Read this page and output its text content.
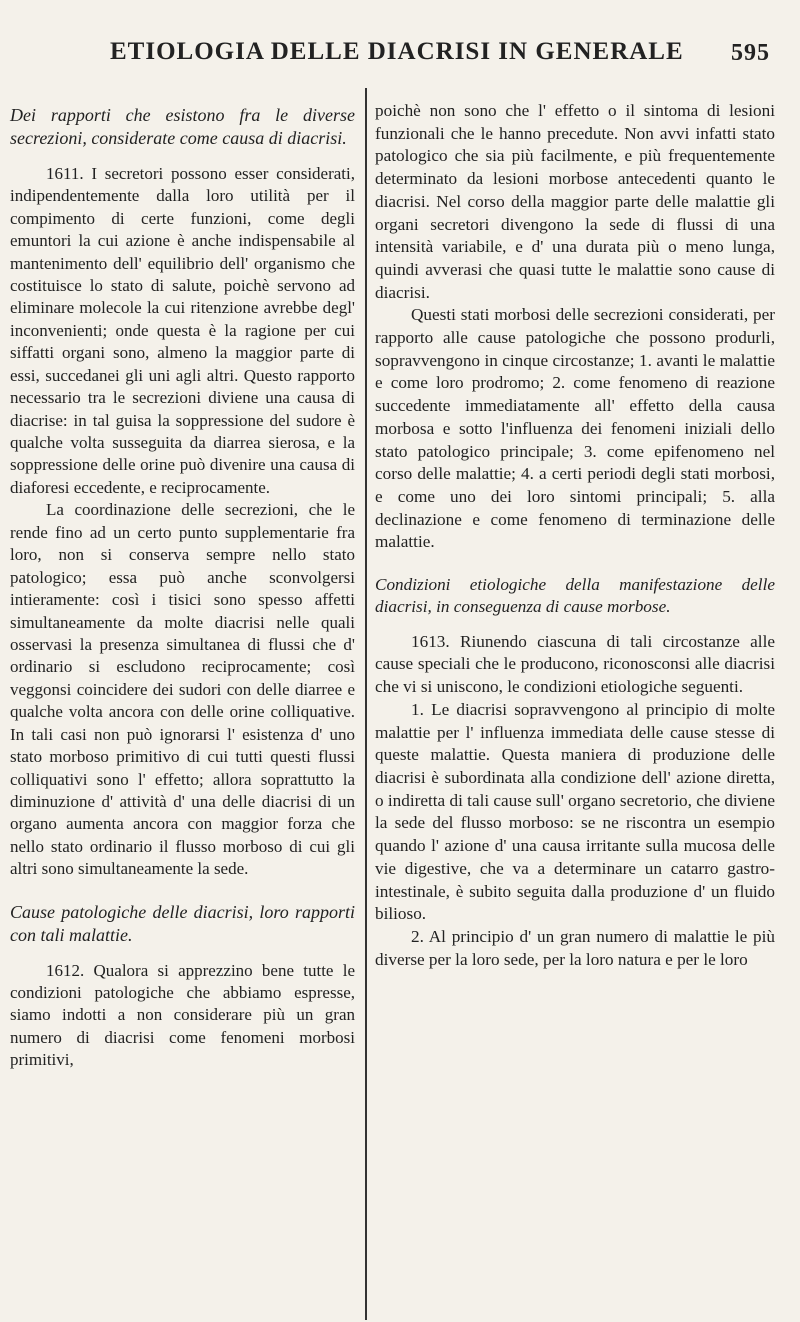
ETIOLOGIA DELLE DIACRISI IN GENERALE 595

Dei rapporti che esistono fra le diverse secrezioni, considerate come causa di diacrisi.

1611. I secretori possono esser considerati, indipendentemente dalla loro utilità per il compimento di certe funzioni, come degli emuntori la cui azione è anche indispensabile al mantenimento dell' equilibrio dell' organismo che costituisce lo stato di salute, poichè servono ad eliminare molecole la cui ritenzione avrebbe degl' inconvenienti; onde questa è la ragione per cui siffatti organi sono, almeno la maggior parte di essi, succedanei gli uni agli altri. Questo rapporto necessario tra le secrezioni diviene una causa di diacrise: in tal guisa la soppressione del sudore è qualche volta susseguita da diarrea sierosa, e la soppressione delle orine può divenire una causa di diaforesi eccedente, e reciprocamente.

La coordinazione delle secrezioni, che le rende fino ad un certo punto supplementarie fra loro, non si conserva sempre nello stato patologico; essa può anche sconvolgersi intieramente: così i tisici sono spesso affetti simultaneamente da molte diacrisi nelle quali osservasi la presenza simultanea di flussi che d' ordinario si escludono reciprocamente; così veggonsi coincidere dei sudori con delle diarree e qualche volta ancora con delle orine colliquative. In tali casi non può ignorarsi l' esistenza d' uno stato morboso primitivo di cui tutti questi flussi colliquativi sono l' effetto; allora soprattutto la diminuzione d' attività d' una delle diacrisi di un organo aumenta ancora con maggior forza che nello stato ordinario il flusso morboso di cui gli altri sono simultaneamente la sede.

Cause patologiche delle diacrisi, loro rapporti con tali malattie.

1612. Qualora si apprezzino bene tutte le condizioni patologiche che abbiamo espresse, siamo indotti a non considerare più un gran numero di diacrisi come fenomeni morbosi primitivi,

poichè non sono che l' effetto o il sintoma di lesioni funzionali che le hanno precedute. Non avvi infatti stato patologico che sia più facilmente, e più frequentemente determinato da lesioni morbose antecedenti quanto le diacrisi. Nel corso della maggior parte delle malattie gli organi secretori divengono la sede di flussi di una intensità variabile, e d' una durata più o meno lunga, quindi avverasi che quasi tutte le malattie sono cause di diacrisi.

Questi stati morbosi delle secrezioni considerati, per rapporto alle cause patologiche che possono produrli, sopravvengono in cinque circostanze; 1. avanti le malattie e come loro prodromo; 2. come fenomeno di reazione succedente immediatamente all' effetto della causa morbosa e sotto l'influenza dei fenomeni iniziali dello stato patologico principale; 3. come epifenomeno nel corso delle malattie; 4. a certi periodi degli stati morbosi, e come uno dei loro sintomi principali; 5. alla declinazione e come fenomeno di terminazione delle malattie.

Condizioni etiologiche della manifestazione delle diacrisi, in conseguenza di cause morbose.

1613. Riunendo ciascuna di tali circostanze alle cause speciali che le producono, riconosconsi alle diacrisi che vi si uniscono, le condizioni etiologiche seguenti.

1. Le diacrisi sopravvengono al principio di molte malattie per l' influenza immediata delle cause stesse di queste malattie. Questa maniera di produzione delle diacrisi è subordinata alla condizione dell' azione diretta, o indiretta di tali cause sull' organo secretorio, che diviene la sede del flusso morboso: se ne riscontra un esempio quando l' azione d' una causa irritante sulla mucosa delle vie digestive, che va a determinare un catarro gastro-intestinale, è subito seguita dalla produzione d' un fluido bilioso.

2. Al principio d' un gran numero di malattie le più diverse per la loro sede, per la loro natura e per le loro
